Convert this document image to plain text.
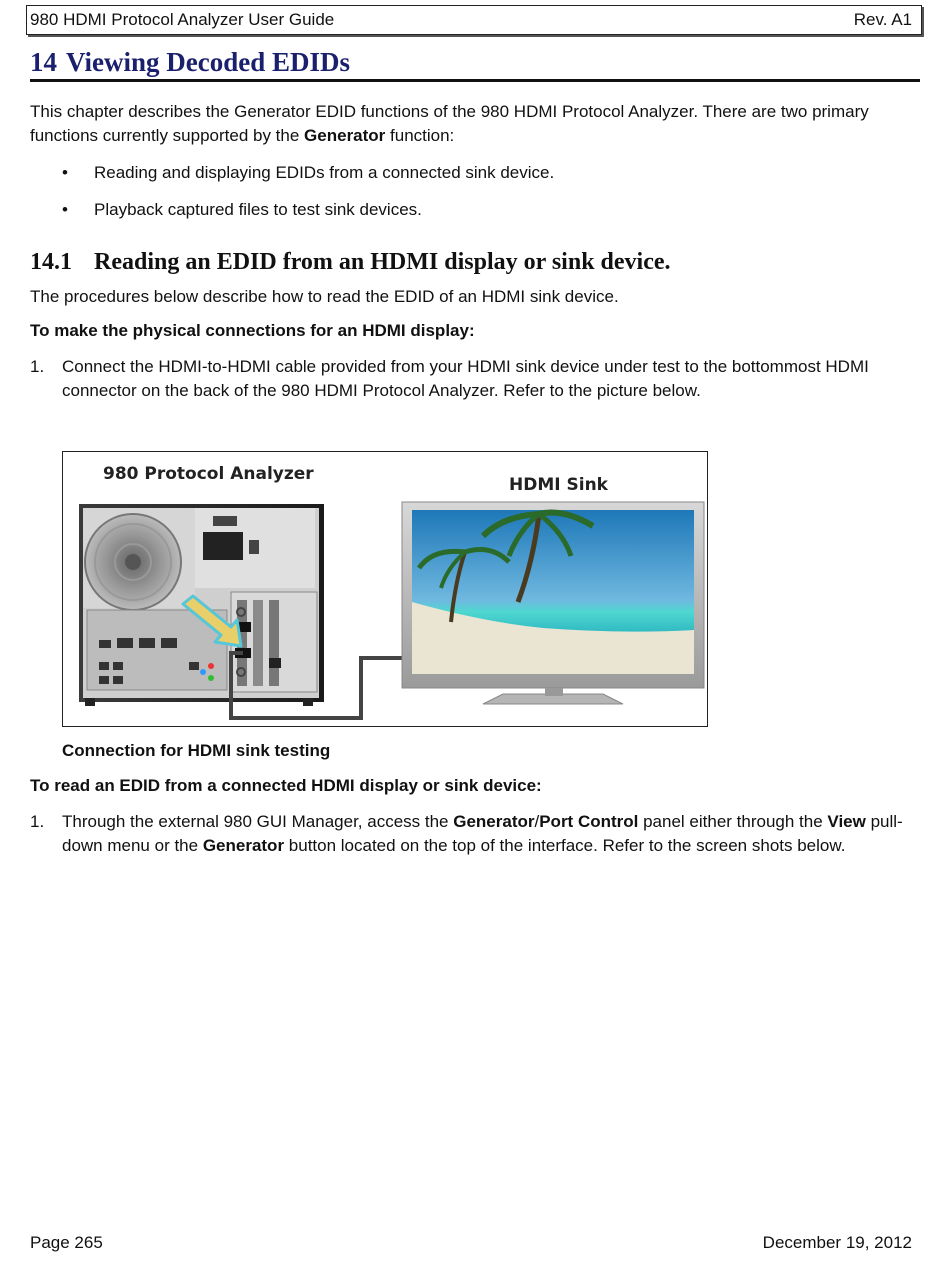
980 HDMI Protocol Analyzer User Guide	Rev. A1
14 Viewing Decoded EDIDs
This chapter describes the Generator EDID functions of the 980 HDMI Protocol Analyzer. There are two primary functions currently supported by the Generator function:
• Reading and displaying EDIDs from a connected sink device.
• Playback captured files to test sink devices.
14.1 Reading an EDID from an HDMI display or sink device.
The procedures below describe how to read the EDID of an HDMI sink device.
To make the physical connections for an HDMI display:
1. Connect the HDMI-to-HDMI cable provided from your HDMI sink device under test to the bottommost HDMI connector on the back of the 980 HDMI Protocol Analyzer. Refer to the picture below.
980 Protocol Analyzer
HDMI Sink
Connection for HDMI sink testing
To read an EDID from a connected HDMI display or sink device:
1. Through the external 980 GUI Manager, access the Generator/Port Control panel either through the View pull-down menu or the Generator button located on the top of the interface. Refer to the screen shots below.
Page 265	December 19, 2012
